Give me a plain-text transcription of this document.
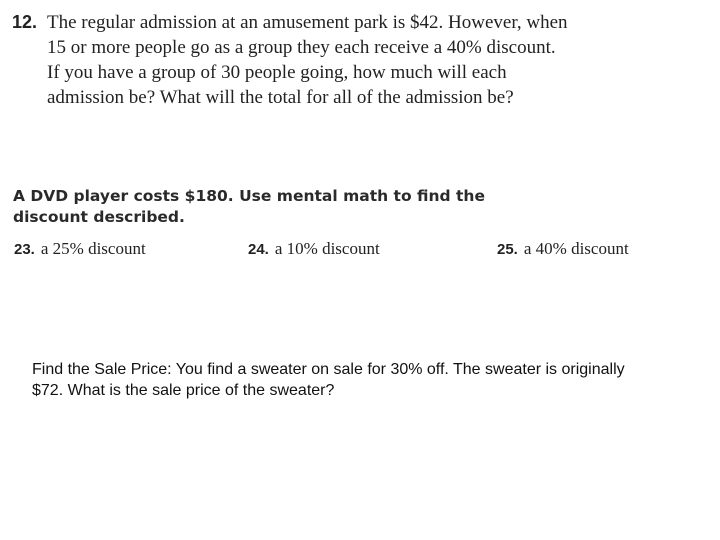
12. The regular admission at an amusement park is $42. However, when
15 or more people go as a group they each receive a 40% discount.
If you have a group of 30 people going, how much will each
admission be? What will the total for all of the admission be?
A DVD player costs $180. Use mental math to find the
discount described.
23. a 25% discount	24. a 10% discount	25. a 40% discount
Find the Sale Price: You find a sweater on sale for 30% off. The sweater is originally
$72. What is the sale price of the sweater?
